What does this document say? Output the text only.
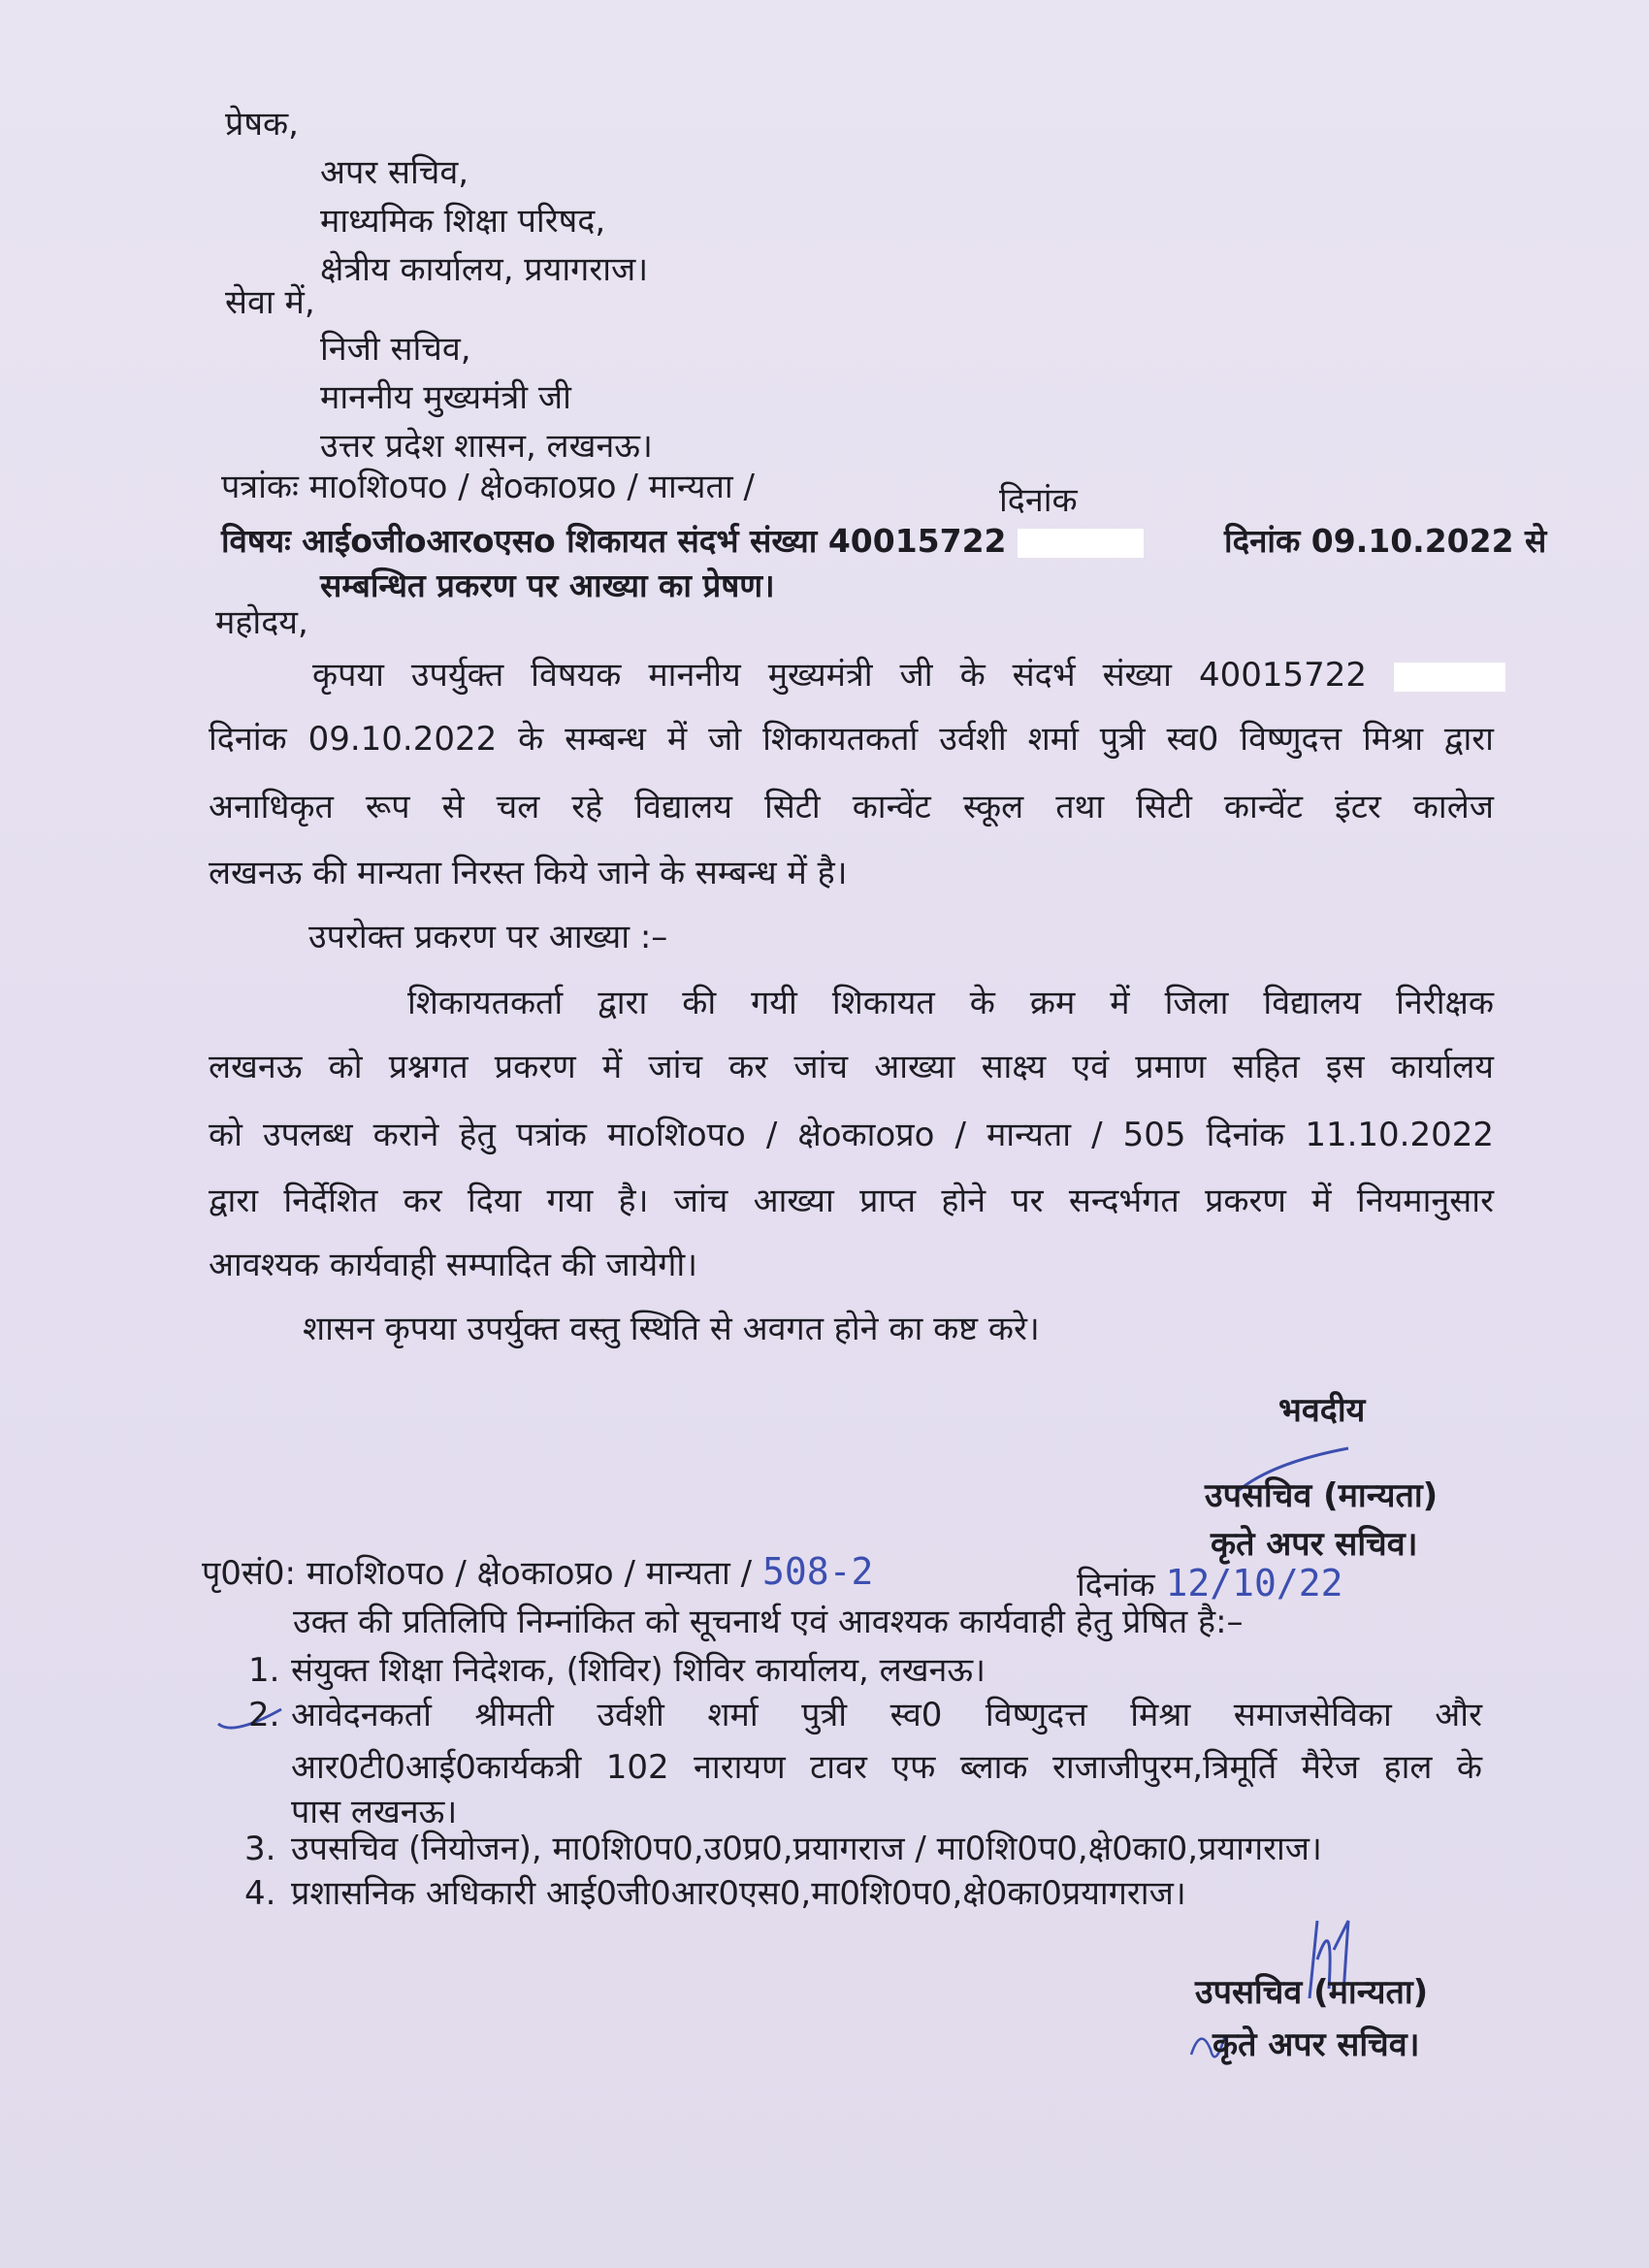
प्रेषक,
अपर सचिव,
माध्यमिक शिक्षा परिषद,
क्षेत्रीय कार्यालय, प्रयागराज।
सेवा में,
निजी सचिव,
माननीय मुख्यमंत्री जी
उत्तर प्रदेश शासन, लखनऊ।
पत्रांकः माoशिoपo / क्षेoकाoप्रo / मान्यता /	दिनांक
विषयः आईoजीoआरoएसo शिकायत संदर्भ संख्या 40015722	दिनांक 09.10.2022 से
सम्बन्धित प्रकरण पर आख्या का प्रेषण।
महोदय,
कृपया उपर्युक्त विषयक माननीय मुख्यमंत्री जी के संदर्भ संख्या 40015722
दिनांक 09.10.2022 के सम्बन्ध में जो शिकायतकर्ता उर्वशी शर्मा पुत्री स्व0 विष्णुदत्त मिश्रा द्वारा
अनाधिकृत रूप से चल रहे विद्यालय सिटी कान्वेंट स्कूल तथा सिटी कान्वेंट इंटर कालेज
लखनऊ की मान्यता निरस्त किये जाने के सम्बन्ध में है।
उपरोक्त प्रकरण पर आख्या :–
शिकायतकर्ता द्वारा की गयी शिकायत के क्रम में जिला विद्यालय निरीक्षक
लखनऊ को प्रश्नगत प्रकरण में जांच कर जांच आख्या साक्ष्य एवं प्रमाण सहित इस कार्यालय
को उपलब्ध कराने हेतु पत्रांक माoशिoपo / क्षेoकाoप्रo / मान्यता / 505 दिनांक 11.10.2022
द्वारा निर्देशित कर दिया गया है। जांच आख्या प्राप्त होने पर सन्दर्भगत प्रकरण में नियमानुसार
आवश्यक कार्यवाही सम्पादित की जायेगी।
शासन कृपया उपर्युक्त वस्तु स्थिति से अवगत होने का कष्ट करे।
भवदीय
उपसचिव (मान्यता)
कृते अपर सचिव।
पृ0सं0: माoशिoपo / क्षेoकाoप्रo / मान्यता / 508-2	दिनांक 12/10/22
उक्त की प्रतिलिपि निम्नांकित को सूचनार्थ एवं आवश्यक कार्यवाही हेतु प्रेषित है:–
1. संयुक्त शिक्षा निदेशक, (शिविर) शिविर कार्यालय, लखनऊ।
2. आवेदनकर्ता श्रीमती उर्वशी शर्मा पुत्री स्व0 विष्णुदत्त मिश्रा समाजसेविका और
आर0टी0आई0कार्यकत्री 102 नारायण टावर एफ ब्लाक राजाजीपुरम,त्रिमूर्ति मैरेज हाल के
पास लखनऊ।
3. उपसचिव (नियोजन), मा0शि0प0,उ0प्र0,प्रयागराज / मा0शि0प0,क्षे0का0,प्रयागराज।
4. प्रशासनिक अधिकारी आई0जी0आर0एस0,मा0शि0प0,क्षे0का0प्रयागराज।
उपसचिव (मान्यता)
कृते अपर सचिव।
